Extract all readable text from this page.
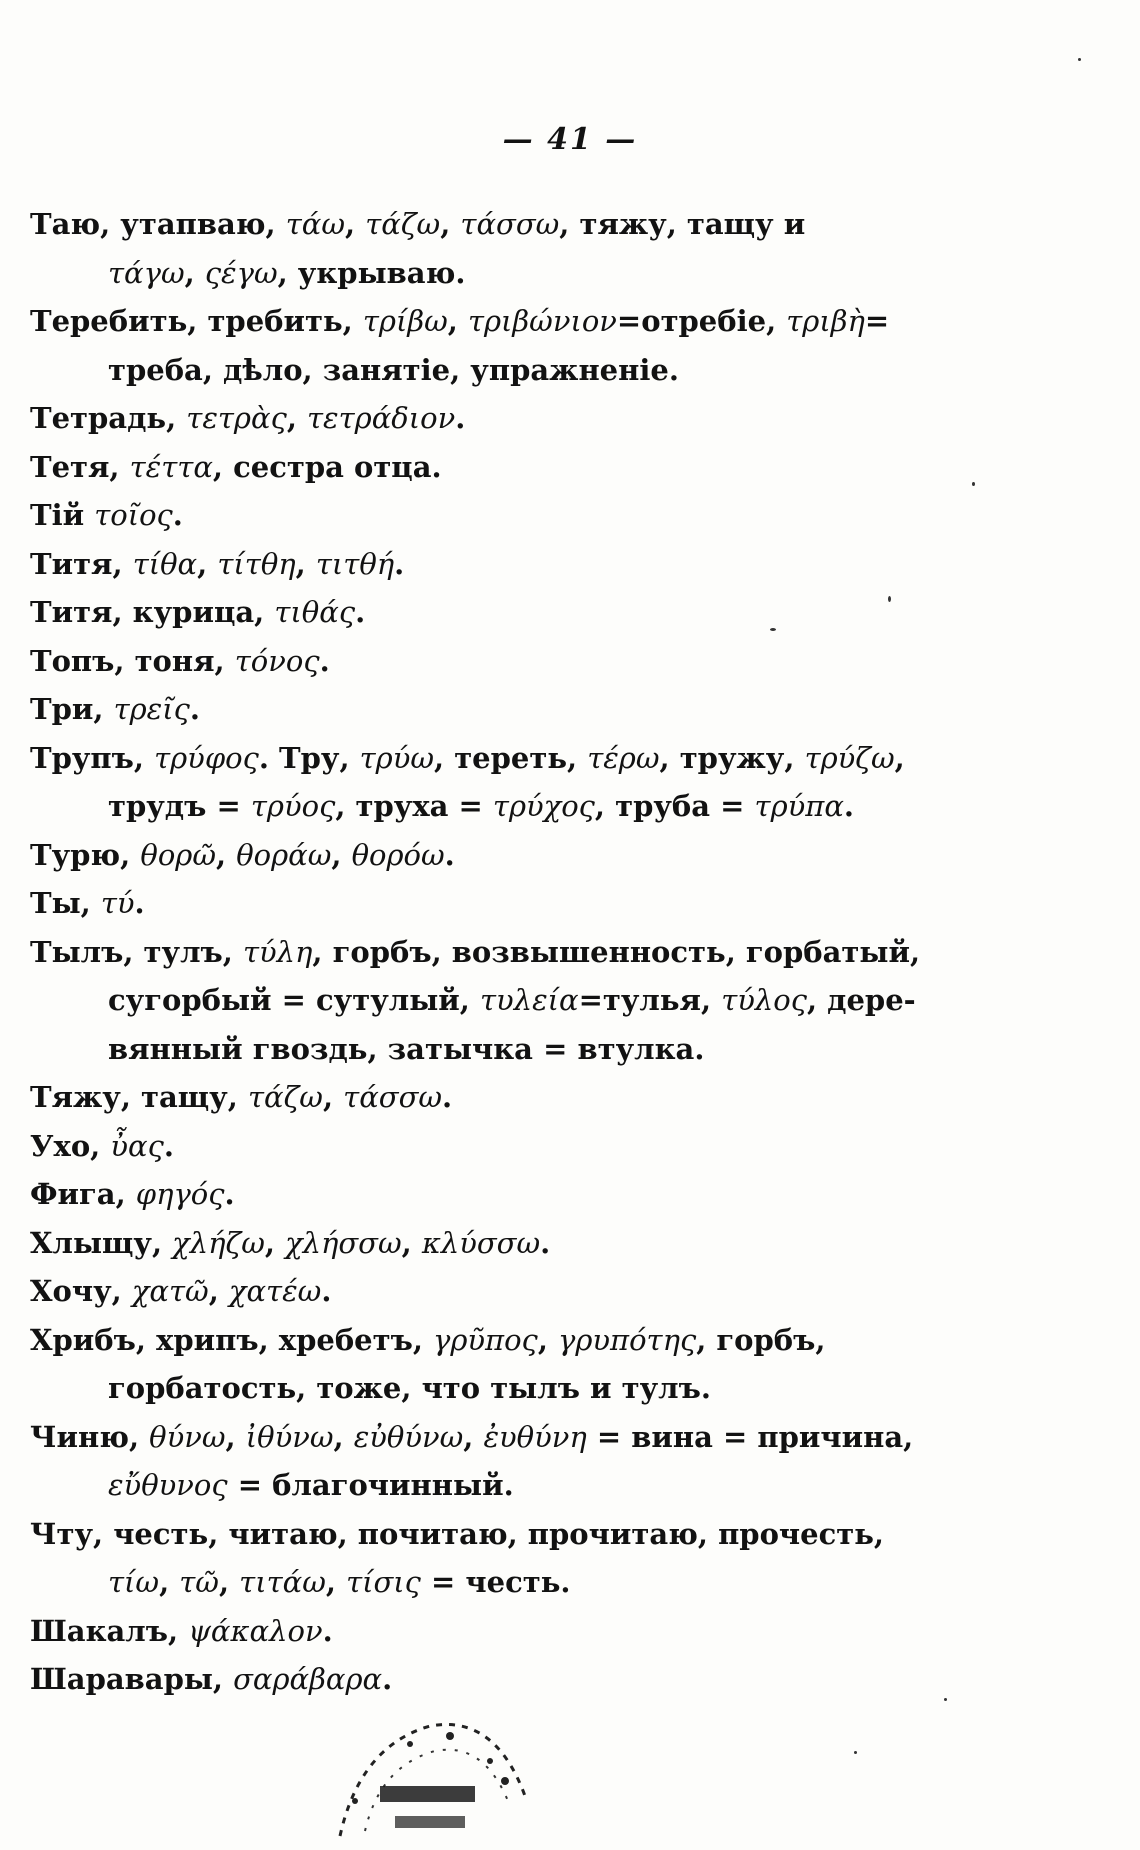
— 41 —

Таю, утапваю, τάω, τάζω, τάσσω, тяжу, тащу и

τάγω, ςέγω, укрываю.

Теребить, требить, τρίβω, τριβώνιον=отребіе, τριβὴ=

треба, дѣло, занятіе, упражненіе.

Тетрадь, τετρὰς, τετράδιον.

Тетя, τέττα, сестра отца.

Тій τοῖος.

Титя, τίθα, τίτθη, τιτθή.

Титя, курица, τιθάς.

Топъ, тоня, τόνος.

Три, τρεῖς.

Трупъ, τρύφος. Тру, τρύω, тереть, τέρω, тружу, τρύζω,

трудъ = τρύος, труха = τρύχος, труба = τρύπα.

Турю, θορῶ, θοράω, θορόω.

Ты, τύ.

Тылъ, тулъ, τύλη, горбъ, возвышенность, горбатый,

сугорбый = сутулый, τυλεία=тулья, τύλος, дере-

вянный гвоздь, затычка = втулка.

Тяжу, тащу, τάζω, τάσσω.

Ухо, ὖας.

Фига, φηγός.

Хлыщу, χλήζω, χλήσσω, κλύσσω.

Хочу, χατῶ, χατέω.

Хрибъ, хрипъ, хребетъ, γρῦπος, γρυπότης, горбъ,

горбатость, тоже, что тылъ и тулъ.

Чиню, θύνω, ἰθύνω, εὐθύνω, ἐυθύνη = вина = причина,

εὔθυνος = благочинный.

Чту, честь, читаю, почитаю, прочитаю, прочесть,

τίω, τῶ, τιτάω, τίσις = честь.

Шакалъ, ψάκαλον.

Шаравары, σαράβαρα.
